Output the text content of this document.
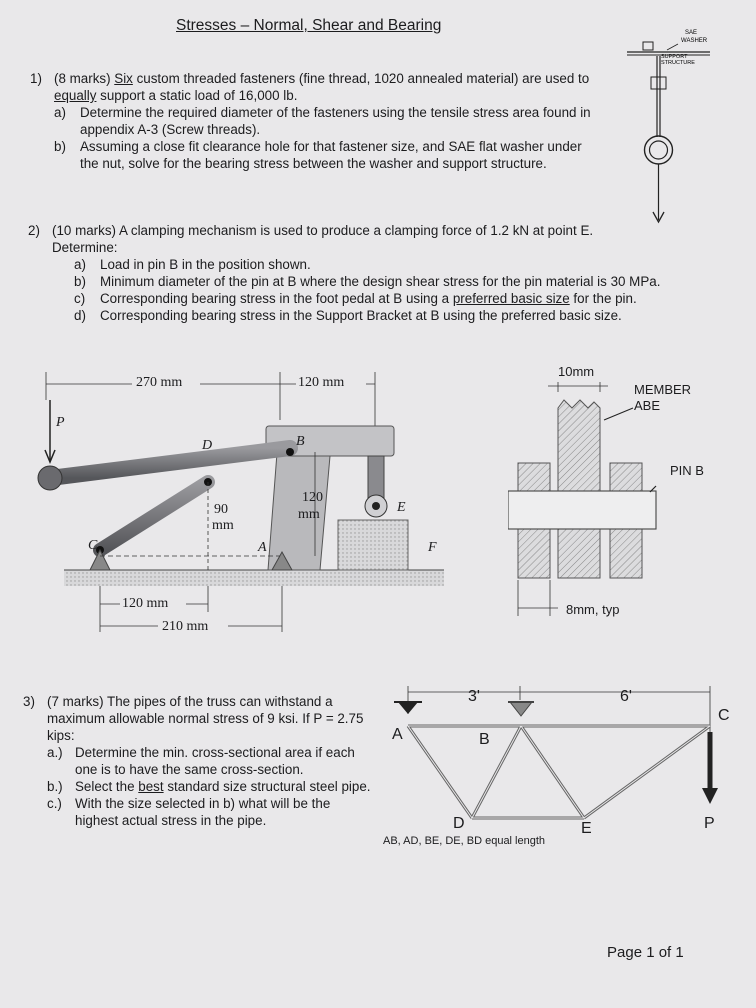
Stresses – Normal, Shear and Bearing
1) (8 marks) Six custom threaded fasteners (fine thread, 1020 annealed material) are used to equally support a static load of 16,000 lb.
a)	Determine the required diameter of the fasteners using the tensile stress area found in appendix A-3 (Screw threads).
b)	Assuming a close fit clearance hole for that fastener size, and SAE flat washer under the nut, solve for the bearing stress between the washer and support structure.
SAE
WASHER
SUPPORT
STRUCTURE
2) (10 marks) A clamping mechanism is used to produce a clamping force of 1.2 kN at point E. Determine:
a)	Load in pin B in the position shown.
b)	Minimum diameter of the pin at B where the design shear stress for the pin material is 30 MPa.
c)	Corresponding bearing stress in the foot pedal at B using a preferred basic size for the pin.
d)	Corresponding bearing stress in the Support Bracket at B using the preferred basic size.
270 mm	120 mm
P
D	B
90
mm
120
mm	E
C	A	F
120 mm
210 mm
10mm
MEMBER
ABE
PIN B
8mm, typ
3) (7 marks) The pipes of the truss can withstand a maximum allowable normal stress of 9 ksi. If P = 2.75 kips:
a.) Determine the min. cross-sectional area if each one is to have the same cross-section.
b.) Select the best standard size structural steel pipe.
c.) With the size selected in b) what will be the highest actual stress in the pipe.
3'	6'
A	B
C
D	E	P
AB, AD, BE, DE, BD equal length
Page 1 of 1
